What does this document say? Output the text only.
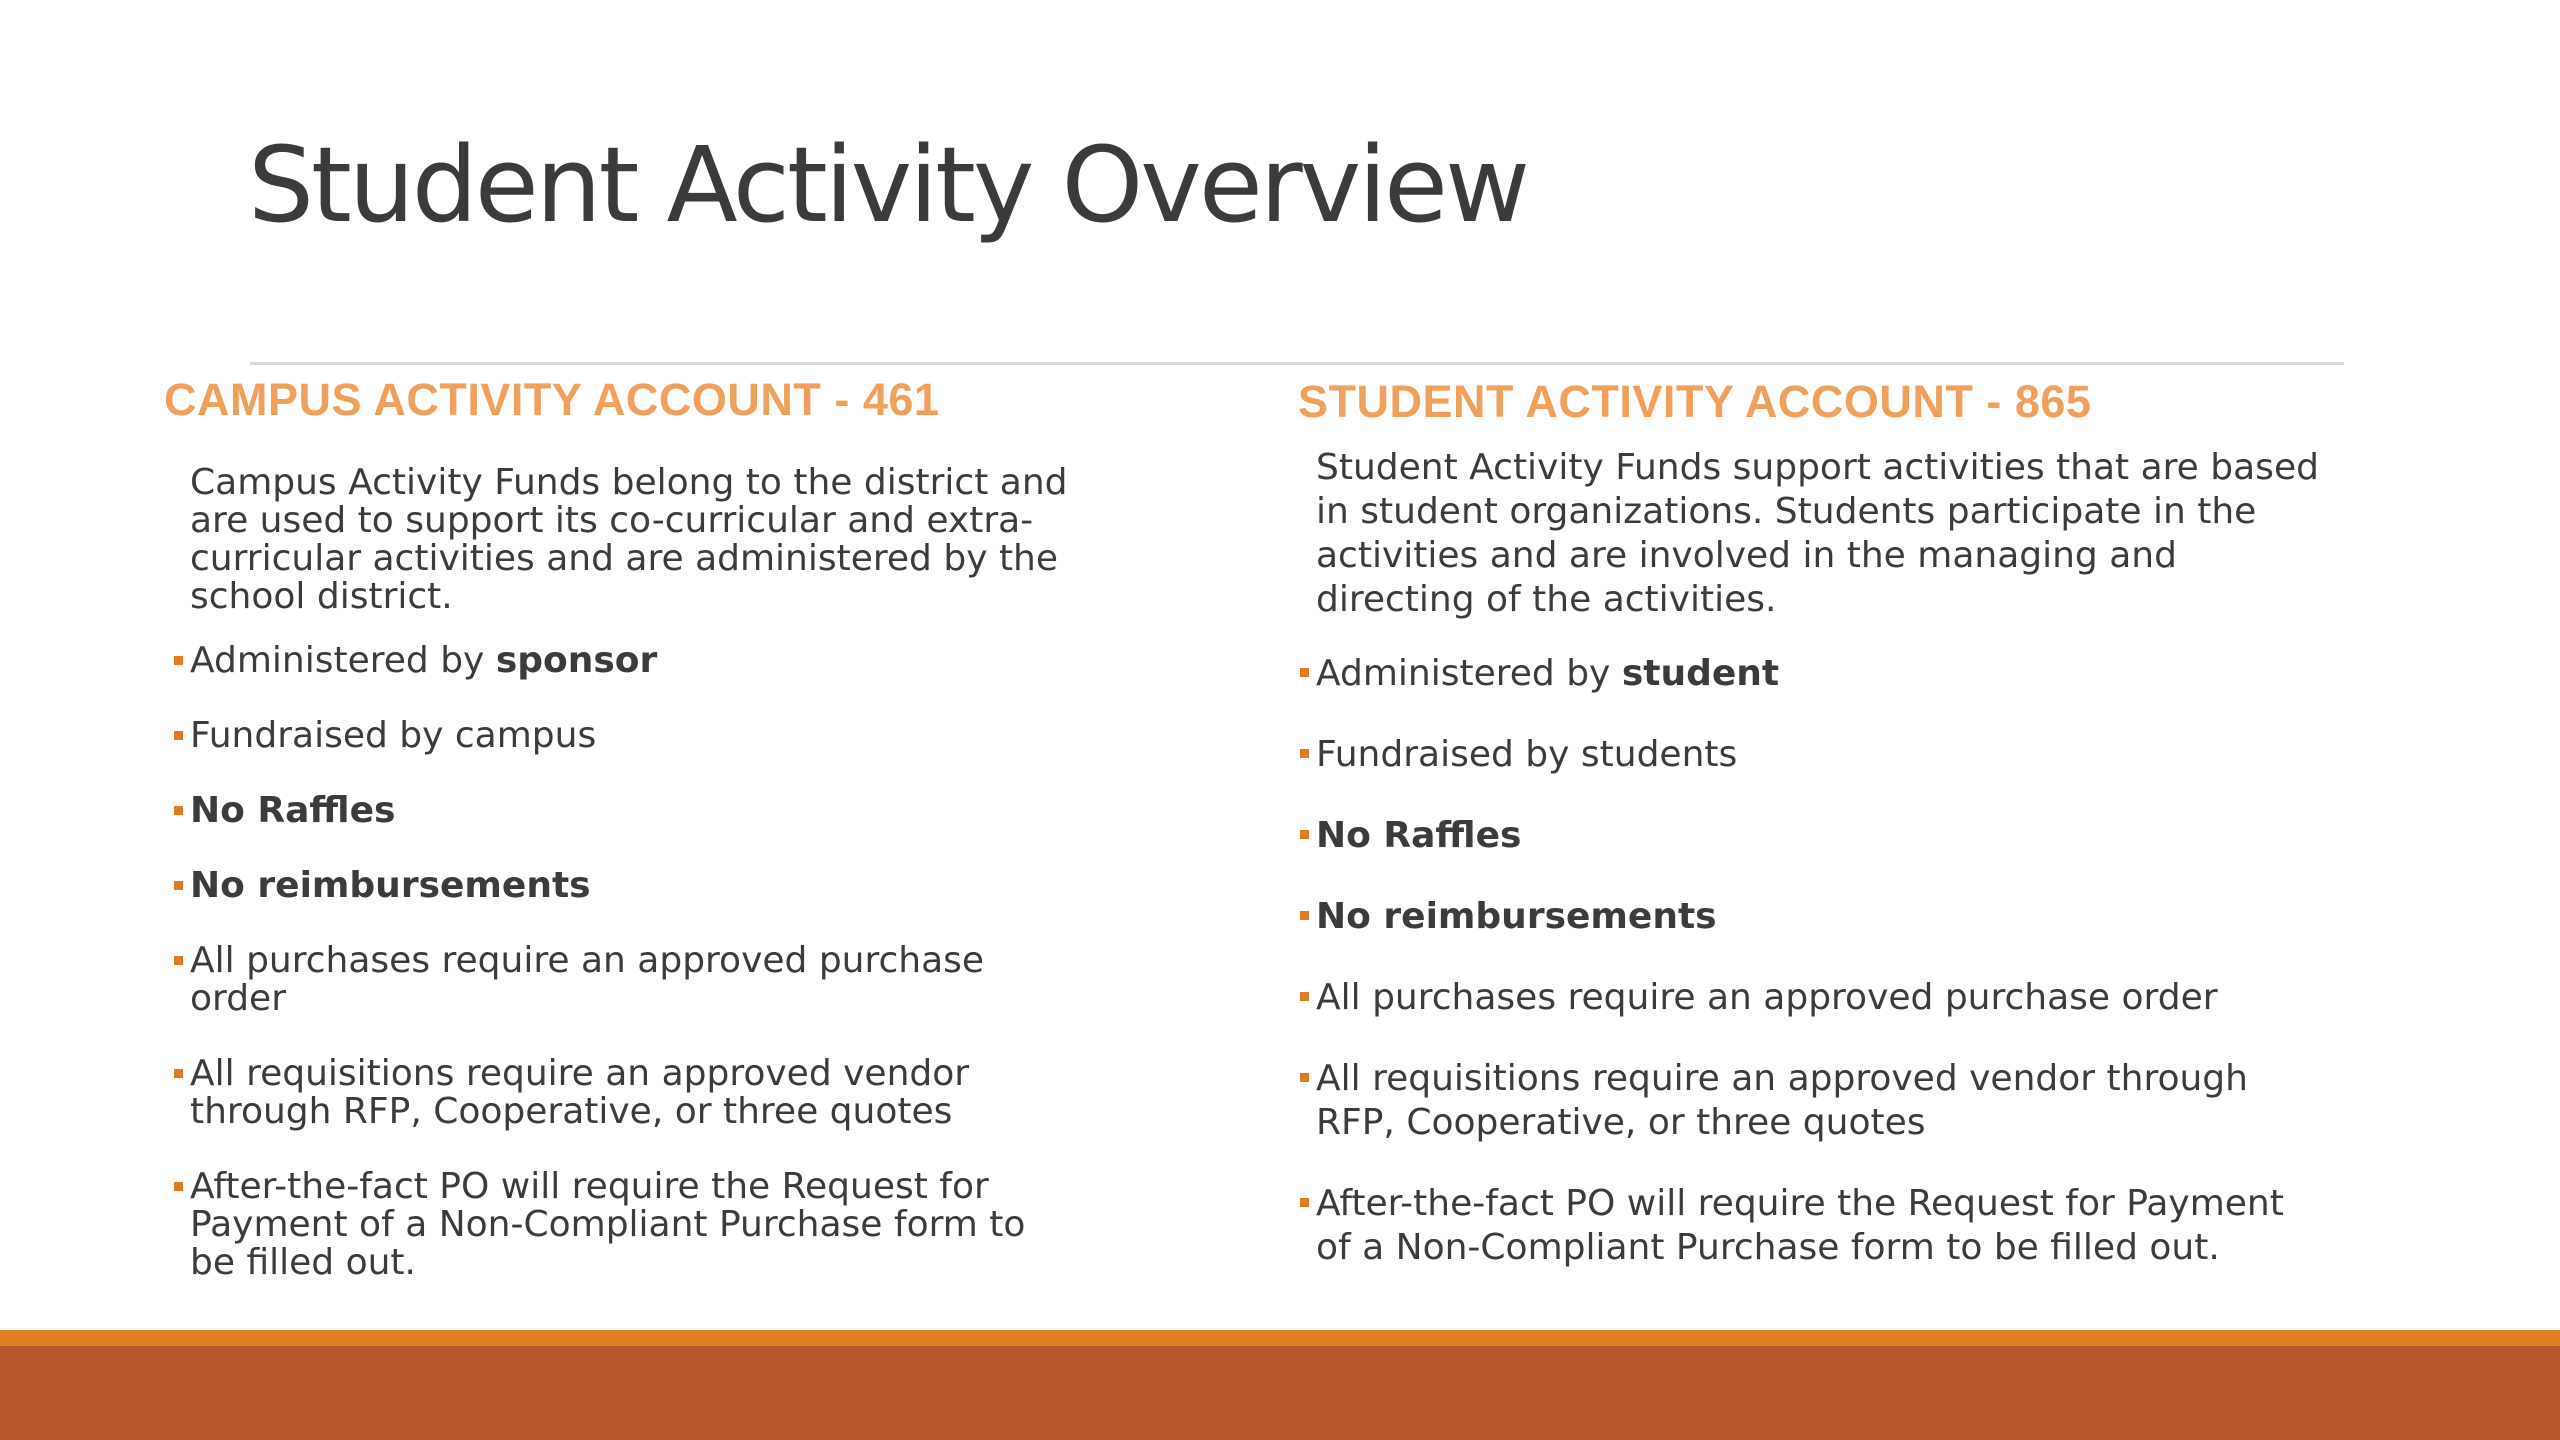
Student Activity Overview
CAMPUS ACTIVITY ACCOUNT - 461

Campus Activity Funds belong to the district and
are used to support its co-curricular and extra-
curricular activities and are administered by the
school district.

Administered by sponsor
Fundraised by campus
No Raffles
No reimbursements
All purchases require an approved purchase
order
All requisitions require an approved vendor
through RFP, Cooperative, or three quotes
After-the-fact PO will require the Request for
Payment of a Non-Compliant Purchase form to
be filled out.
STUDENT ACTIVITY ACCOUNT - 865

Student Activity Funds support activities that are based
in student organizations. Students participate in the
activities and are involved in the managing and
directing of the activities.

Administered by student
Fundraised by students
No Raffles
No reimbursements
All purchases require an approved purchase order
All requisitions require an approved vendor through
RFP, Cooperative, or three quotes
After-the-fact PO will require the Request for Payment
of a Non-Compliant Purchase form to be filled out.
